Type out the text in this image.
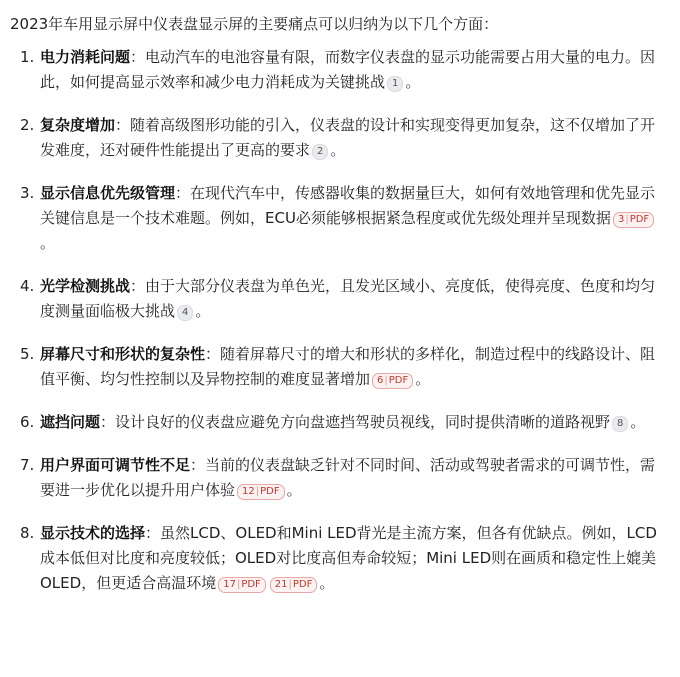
2023年车用显示屏中仪表盘显示屏的主要痛点可以归纳为以下几个方面：

1. 电力消耗问题：电动汽车的电池容量有限，而数字仪表盘的显示功能需要占用大量的电力。因此，如何提高显示效率和减少电力消耗成为关键挑战 1 。
2. 复杂度增加：随着高级图形功能的引入，仪表盘的设计和实现变得更加复杂，这不仅增加了开发难度，还对硬件性能提出了更高的要求 2 。
3. 显示信息优先级管理：在现代汽车中，传感器收集的数据量巨大，如何有效地管理和优先显示关键信息是一个技术难题。例如，ECU必须能够根据紧急程度或优先级处理并呈现数据 3|PDF。
4. 光学检测挑战：由于大部分仪表盘为单色光，且发光区域小、亮度低，使得亮度、色度和均匀度测量面临极大挑战 4 。
5. 屏幕尺寸和形状的复杂性：随着屏幕尺寸的增大和形状的多样化，制造过程中的线路设计、阻值平衡、均匀性控制以及异物控制的难度显著增加 6|PDF 。
6. 遮挡问题：设计良好的仪表盘应避免方向盘遮挡驾驶员视线，同时提供清晰的道路视野 8 。
7. 用户界面可调节性不足：当前的仪表盘缺乏针对不同时间、活动或驾驶者需求的可调节性，需要进一步优化以提升用户体验 12|PDF 。
8. 显示技术的选择：虽然LCD、OLED和Mini LED背光是主流方案，但各有优缺点。例如，LCD成本低但对比度和亮度较低；OLED对比度高但寿命较短；Mini LED则在画质和稳定性上媲美OLED，但更适合高温环境 17|PDF 21|PDF 。
